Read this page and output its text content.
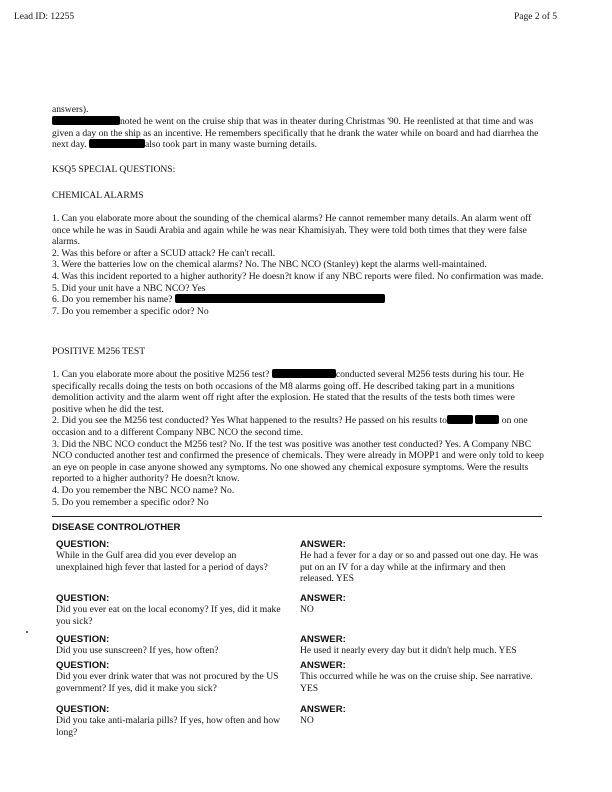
Lead ID: 12255	Page 2 of 5
answers).
noted he went on the cruise ship that was in theater during Christmas '90. He reenlisted at that time and was given a day on the ship as an incentive. He remembers specifically that he drank the water while on board and had diarrhea the next day.	also took part in many waste burning details.
KSQ5 SPECIAL QUESTIONS:
CHEMICAL ALARMS

1. Can you elaborate more about the sounding of the chemical alarms? He cannot remember many details. An alarm went off once while he was in Saudi Arabia and again while he was near Khamisiyah. They were told both times that they were false alarms.

2. Was this before or after a SCUD attack? He can't recall.

3. Were the batteries low on the chemical alarms? No. The NBC NCO (Stanley) kept the alarms well-maintained.

4. Was this incident reported to a higher authority? He doesn?t know if any NBC reports were filed. No confirmation was made.

5. Did your unit have a NBC NCO? Yes

6. Do you remember his name?

7. Do you remember a specific odor? No

POSITIVE M256 TEST

1. Can you elaborate more about the positive M256 test?	conducted several M256 tests during his tour. He specifically recalls doing the tests on both occasions of the M8 alarms going off. He described taking part in a munitions demolition activity and the alarm went off right after the explosion. He stated that the results of the tests both times were positive when he did the test.

2. Did you see the M256 test conducted? Yes What happened to the results? He passed on his results to	on one occasion and to a different Company NBC NCO the second time.

3. Did the NBC NCO conduct the M256 test? No. If the test was positive was another test conducted? Yes. A Company NBC NCO conducted another test and confirmed the presence of chemicals. They were already in MOPP1 and were only told to keep an eye on people in case anyone showed any symptoms. No one showed any chemical exposure symptoms. Were the results reported to a higher authority? He doesn?t know.

4. Do you remember the NBC NCO name? No.

5. Do you remember a specific odor? No

DISEASE CONTROL/OTHER
QUESTION:
While in the Gulf area did you ever develop an unexplained high fever that lasted for a period of days?
ANSWER:
He had a fever for a day or so and passed out one day. He was put on an IV for a day while at the infirmary and then released. YES
QUESTION:
Did you ever eat on the local economy? If yes, did it make you sick?
ANSWER:
NO
QUESTION:
Did you use sunscreen? If yes, how often?
ANSWER:
He used it nearly every day but it didn't help much. YES
QUESTION:
Did you ever drink water that was not procured by the US government? If yes, did it make you sick?
ANSWER:
This occurred while he was on the cruise ship. See narrative. YES
QUESTION:
Did you take anti-malaria pills? If yes, how often and how long?
ANSWER:
NO
